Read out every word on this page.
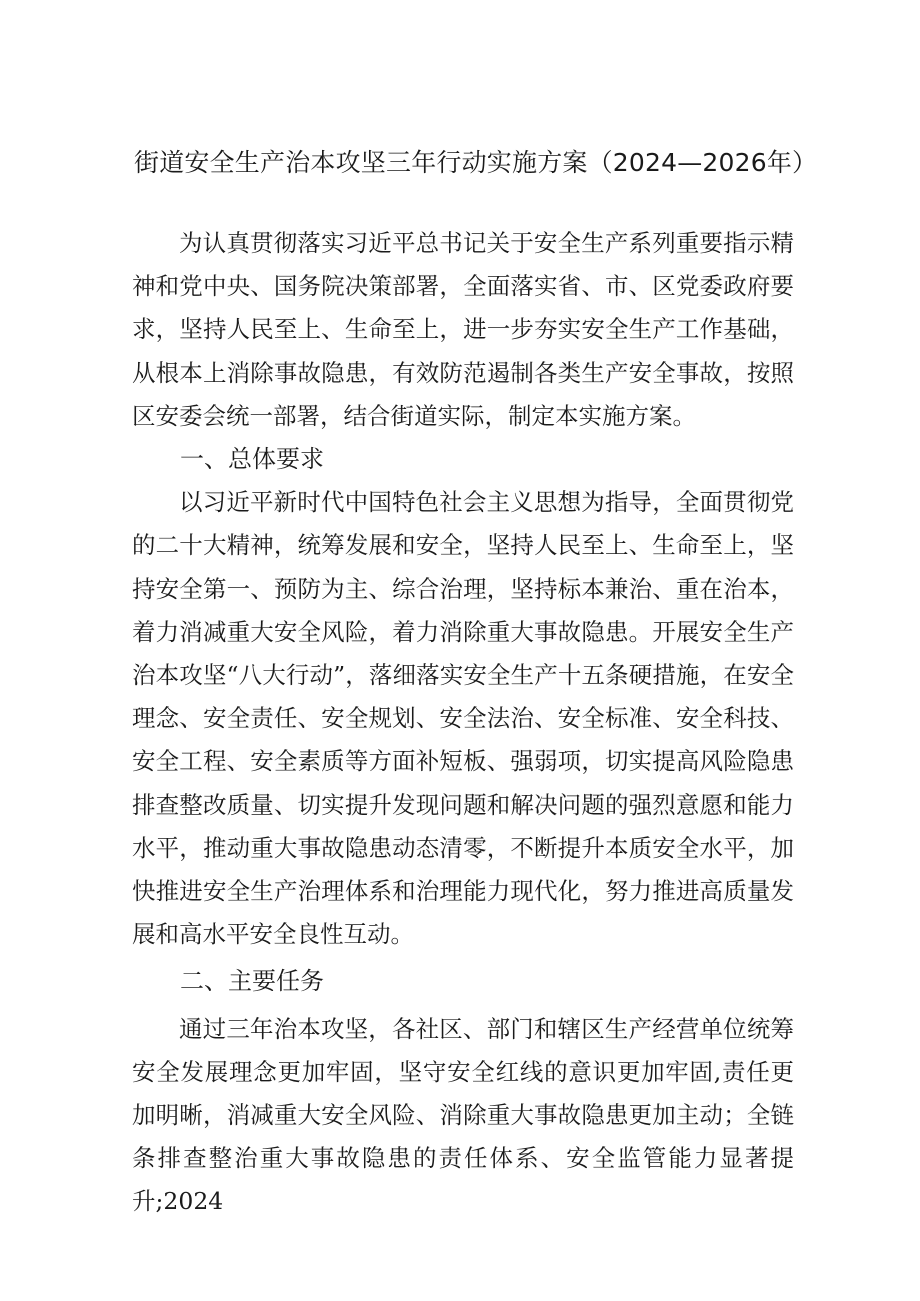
街道安全生产治本攻坚三年行动实施方案（2024—2026年）

为认真贯彻落实习近平总书记关于安全生产系列重要指示精神和党中央、国务院决策部署，全面落实省、市、区党委政府要求，坚持人民至上、生命至上，进一步夯实安全生产工作基础，从根本上消除事故隐患，有效防范遏制各类生产安全事故，按照区安委会统一部署，结合街道实际，制定本实施方案。

一、总体要求

以习近平新时代中国特色社会主义思想为指导，全面贯彻党的二十大精神，统筹发展和安全，坚持人民至上、生命至上，坚持安全第一、预防为主、综合治理，坚持标本兼治、重在治本，着力消减重大安全风险，着力消除重大事故隐患。开展安全生产治本攻坚“八大行动”，落细落实安全生产十五条硬措施，在安全理念、安全责任、安全规划、安全法治、安全标准、安全科技、安全工程、安全素质等方面补短板、强弱项，切实提高风险隐患排查整改质量、切实提升发现问题和解决问题的强烈意愿和能力水平，推动重大事故隐患动态清零，不断提升本质安全水平，加快推进安全生产治理体系和治理能力现代化，努力推进高质量发展和高水平安全良性互动。

二、主要任务

通过三年治本攻坚，各社区、部门和辖区生产经营单位统筹安全发展理念更加牢固，坚守安全红线的意识更加牢固,责任更加明晰，消减重大安全风险、消除重大事故隐患更加主动；全链条排查整治重大事故隐患的责任体系、安全监管能力显著提升;2024
